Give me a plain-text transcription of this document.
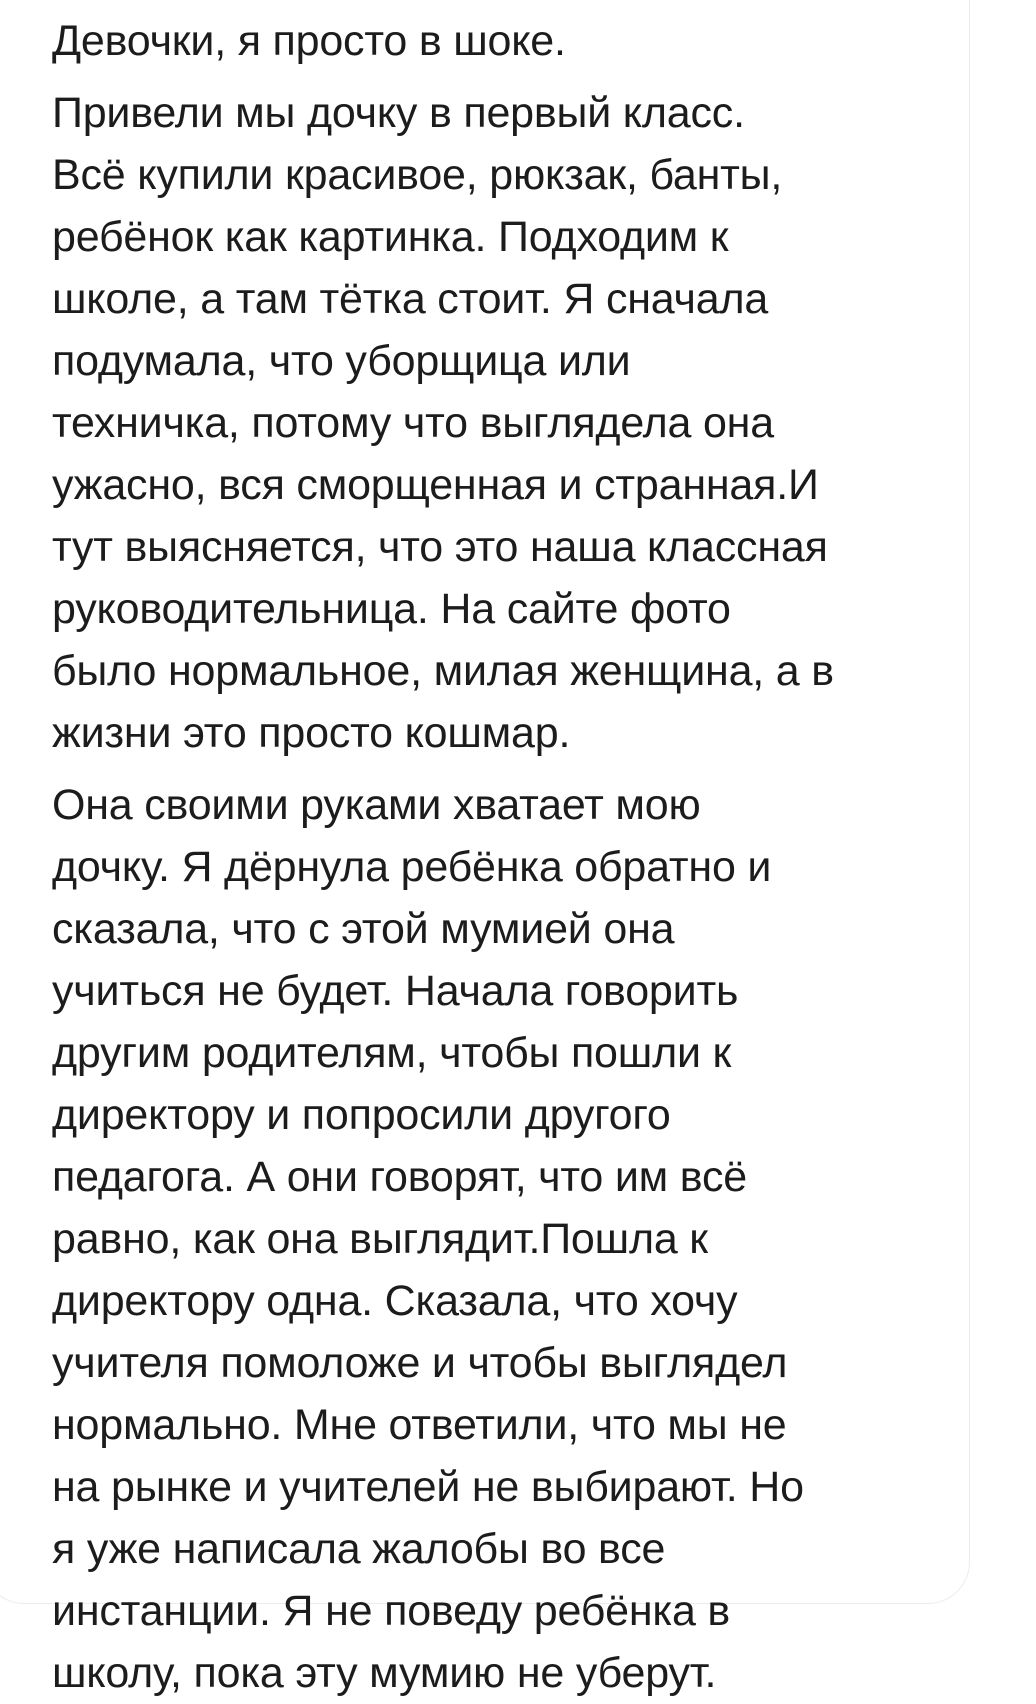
Девочки, я просто в шоке.
Привели мы дочку в первый класс.
Всё купили красивое, рюкзак, банты,
ребёнок как картинка. Подходим к
школе, а там тётка стоит. Я сначала
подумала, что уборщица или
техничка, потому что выглядела она
ужасно, вся сморщенная и странная.И
тут выясняется, что это наша классная
руководительница. На сайте фото
было нормальное, милая женщина, а в
жизни это просто кошмар.
Она своими руками хватает мою
дочку. Я дёрнула ребёнка обратно и
сказала, что с этой мумией она
учиться не будет. Начала говорить
другим родителям, чтобы пошли к
директору и попросили другого
педагога. А они говорят, что им всё
равно, как она выглядит.Пошла к
директору одна. Сказала, что хочу
учителя помоложе и чтобы выглядел
нормально. Мне ответили, что мы не
на рынке и учителей не выбирают. Но
я уже написала жалобы во все
инстанции. Я не поведу ребёнка в
школу, пока эту мумию не уберут.
